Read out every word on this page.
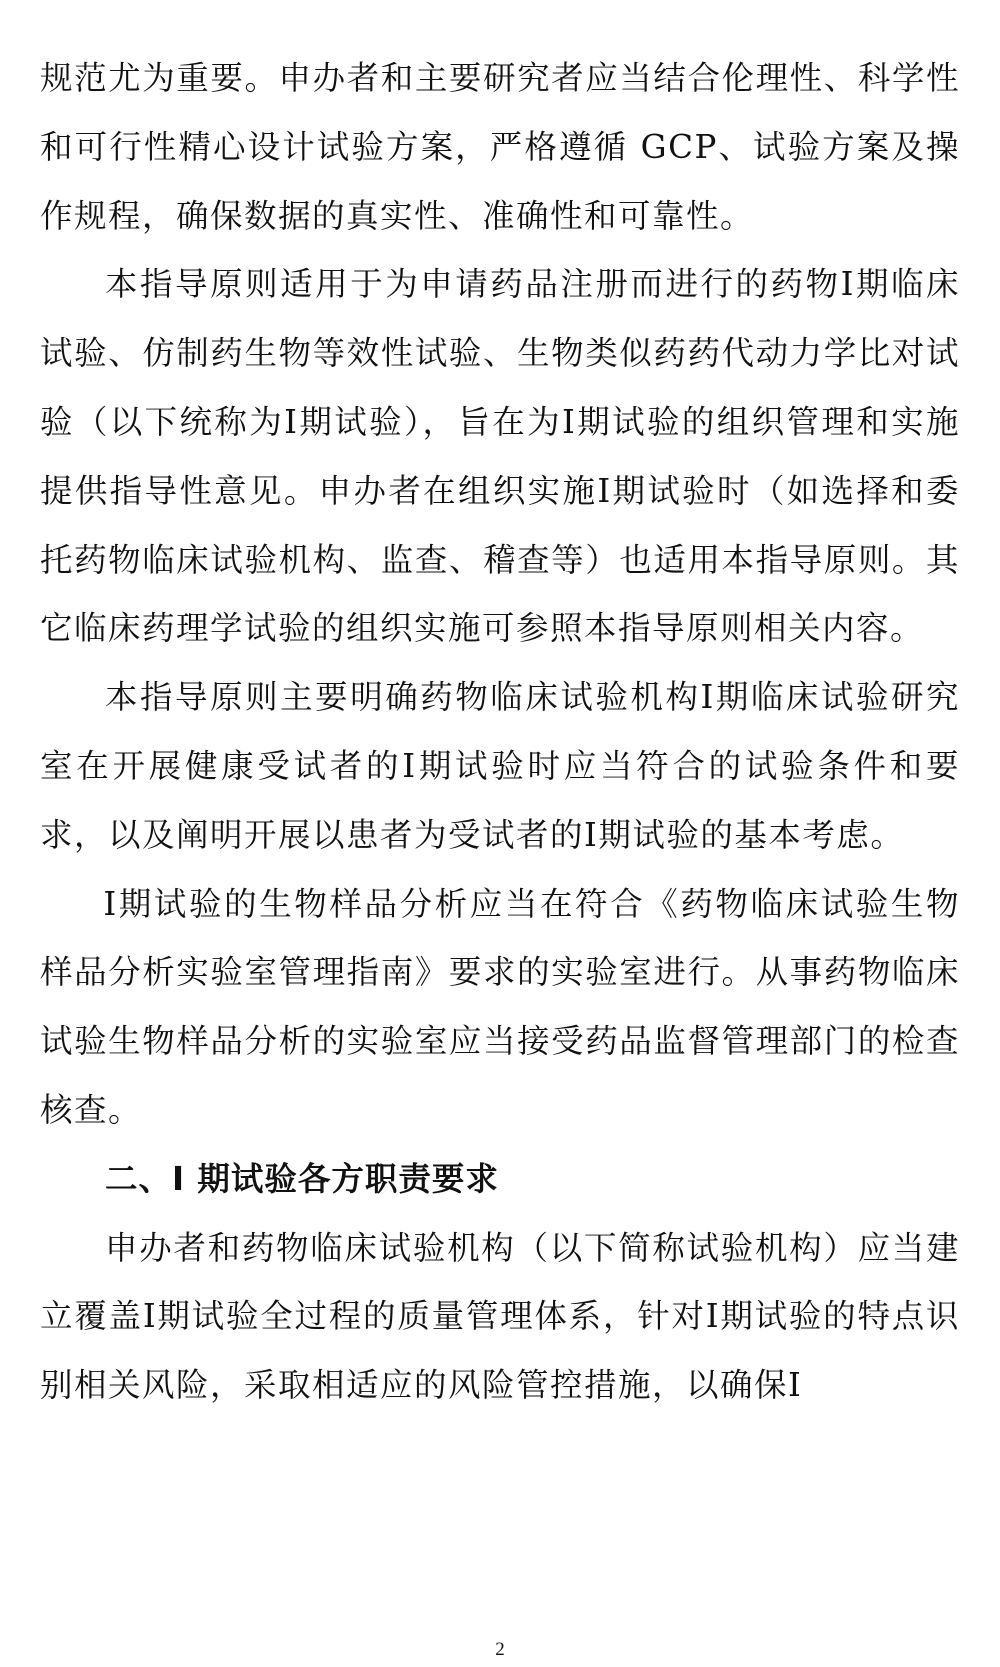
规范尤为重要。申办者和主要研究者应当结合伦理性、科学性和可行性精心设计试验方案，严格遵循 GCP、试验方案及操作规程，确保数据的真实性、准确性和可靠性。

本指导原则适用于为申请药品注册而进行的药物Ⅰ期临床试验、仿制药生物等效性试验、生物类似药药代动力学比对试验（以下统称为Ⅰ期试验），旨在为Ⅰ期试验的组织管理和实施提供指导性意见。申办者在组织实施Ⅰ期试验时（如选择和委托药物临床试验机构、监查、稽查等）也适用本指导原则。其它临床药理学试验的组织实施可参照本指导原则相关内容。

本指导原则主要明确药物临床试验机构Ⅰ期临床试验研究室在开展健康受试者的Ⅰ期试验时应当符合的试验条件和要求，以及阐明开展以患者为受试者的Ⅰ期试验的基本考虑。

Ⅰ期试验的生物样品分析应当在符合《药物临床试验生物样品分析实验室管理指南》要求的实验室进行。从事药物临床试验生物样品分析的实验室应当接受药品监督管理部门的检查核查。

二、I 期试验各方职责要求

申办者和药物临床试验机构（以下简称试验机构）应当建立覆盖Ⅰ期试验全过程的质量管理体系，针对Ⅰ期试验的特点识别相关风险，采取相适应的风险管控措施，以确保Ⅰ

2
